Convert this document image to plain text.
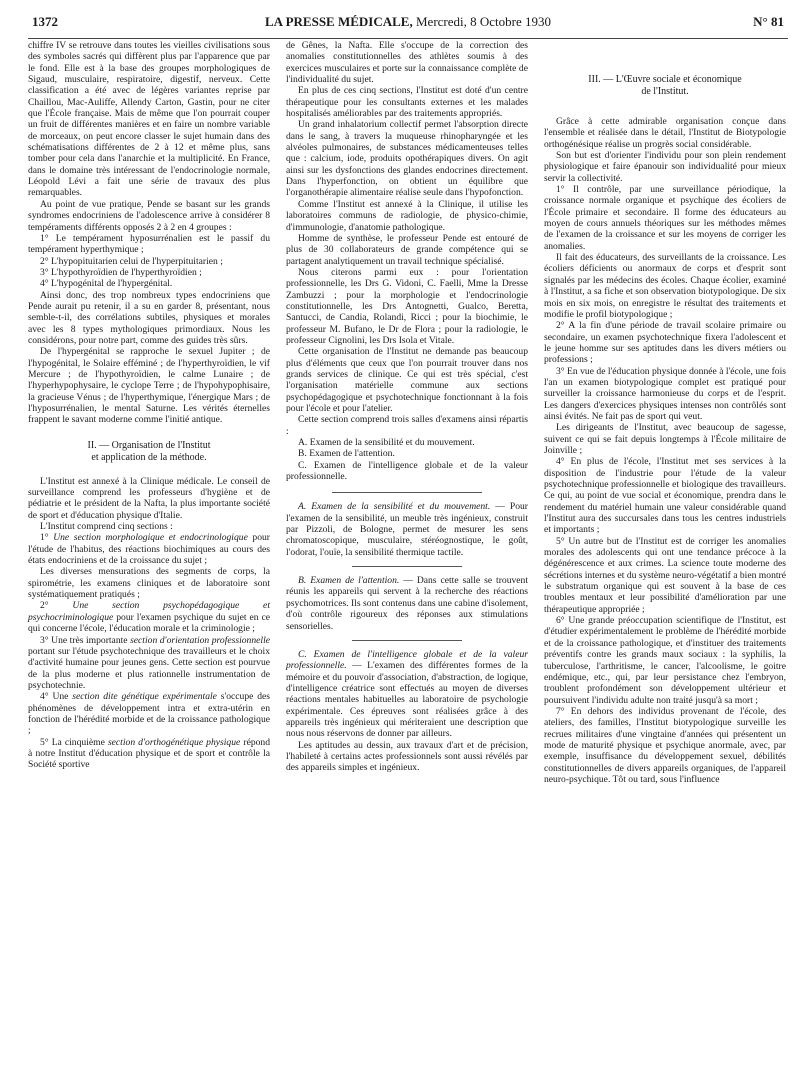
1372	LA PRESSE MÉDICALE, Mercredi, 8 Octobre 1930	N° 81

chiffre IV se retrouve dans toutes les vieilles civilisations sous des symboles sacrés qui diffèrent plus par l'apparence que par le fond. Elle est à la base des groupes morphologiques de Sigaud, musculaire, respiratoire, digestif, nerveux. Cette classification a été avec de légères variantes reprise par Chaillou, Mac-Auliffe, Allendy Carton, Gastin, pour ne citer que l'École française. Mais de même que l'on pourrait couper un fruit de différentes manières et en faire un nombre variable de morceaux, on peut encore classer le sujet humain dans des schématisations différentes de 2 à 12 et même plus, sans tomber pour cela dans l'anarchie et la multiplicité. En France, dans le domaine très intéressant de l'endocrinologie normale, Léopold Lévi a fait une série de travaux des plus remarquables.

Au point de vue pratique, Pende se basant sur les grands syndromes endocriniens de l'adolescence arrive à considérer 8 tempéraments différents opposés 2 à 2 en 4 groupes :

1° Le tempérament hyposurrénalien est le passif du tempérament hyperthymique ;

2° L'hypopituitarien celui de l'hyperpituitarien ;

3° L'hypothyroïdien de l'hyperthyroïdien ;

4° L'hypogénital de l'hypergénital.

Ainsi donc, des trop nombreux types endocriniens que Pende aurait pu retenir, il a su en garder 8, présentant, nous semble-t-il, des corrélations subtiles, physiques et morales avec les 8 types mythologiques primordiaux. Nous les considérons, pour notre part, comme des guides très sûrs.

De l'hypergénital se rapproche le sexuel Jupiter ; de l'hypogénital, le Solaire efféminé ; de l'hyperthyroïdien, le vif Mercure ; de l'hypothyroïdien, le calme Lunaire ; de l'hyperhypophysaire, le cyclope Terre ; de l'hypohypophisaire, la gracieuse Vénus ; de l'hyperthymique, l'énergique Mars ; de l'hyposurrénalien, le mental Saturne. Les vérités éternelles frappent le savant moderne comme l'initié antique.

II. — Organisation de l'Institut
et application de la méthode.

L'Institut est annexé à la Clinique médicale. Le conseil de surveillance comprend les professeurs d'hygiène et de pédiatrie et le président de la Nafta, la plus importante société de sport et d'éducation physique d'Italie.

L'Institut comprend cinq sections :

1° Une section morphologique et endocrinologique pour l'étude de l'habitus, des réactions biochimiques au cours des états endocriniens et de la croissance du sujet ;

Les diverses mensurations des segments de corps, la spirométrie, les examens cliniques et de laboratoire sont systématiquement pratiqués ;

2° Une section psychopédagogique et psychocriminologique pour l'examen psychique du sujet en ce qui concerne l'école, l'éducation morale et la criminologie ;

3° Une très importante section d'orientation professionnelle portant sur l'étude psychotechnique des travailleurs et le choix d'activité humaine pour jeunes gens. Cette section est pourvue de la plus moderne et plus rationnelle instrumentation de psychotechnie.

4° Une section dite génétique expérimentale s'occupe des phénomènes de développement intra et extra-utérin en fonction de l'hérédité morbide et de la croissance pathologique ;

5° La cinquième section d'orthogénétique physique répond à notre Institut d'éducation physique et de sport et contrôle la Société sportive

de Gênes, la Nafta. Elle s'occupe de la correction des anomalies constitutionnelles des athlètes soumis à des exercices musculaires et porte sur la connaissance complète de l'individualité du sujet.

En plus de ces cinq sections, l'Institut est doté d'un centre thérapeutique pour les consultants externes et les malades hospitalisés améliorables par des traitements appropriés.

Un grand inhalatorium collectif permet l'absorption directe dans le sang, à travers la muqueuse rhinopharyngée et les alvéoles pulmonaires, de substances médicamenteuses telles que : calcium, iode, produits opothérapiques divers. On agit ainsi sur les dysfonctions des glandes endocrines directement. Dans l'hyperfonction, on obtient un équilibre que l'organothérapie alimentaire réalise seule dans l'hypofonction.

Comme l'Institut est annexé à la Clinique, il utilise les laboratoires communs de radiologie, de physico-chimie, d'immunologie, d'anatomie pathologique.

Homme de synthèse, le professeur Pende est entouré de plus de 30 collaborateurs de grande compétence qui se partagent analytiquement un travail technique spécialisé.

Nous citerons parmi eux : pour l'orientation professionnelle, les Drs G. Vidoni, C. Faelli, Mme la Dresse Zambuzzi ; pour la morphologie et l'endocrinologie constitutionnelle, les Drs Antognetti, Gualco, Beretta, Santucci, de Candia, Rolandi, Ricci ; pour la biochimie, le professeur M. Bufano, le Dr de Flora ; pour la radiologie, le professeur Cignolini, les Drs Isola et Vitale.

Cette organisation de l'Institut ne demande pas beaucoup plus d'éléments que ceux que l'on pourrait trouver dans nos grands services de clinique. Ce qui est très spécial, c'est l'organisation matérielle commune aux sections psychopédagogique et psychotechnique fonctionnant à la fois pour l'école et pour l'atelier.

Cette section comprend trois salles d'examens ainsi répartis :

A. Examen de la sensibilité et du mouvement.

B. Examen de l'attention.

C. Examen de l'intelligence globale et de la valeur professionnelle.

A. Examen de la sensibilité et du mouvement. — Pour l'examen de la sensibilité, un meuble très ingénieux, construit par Pizzoli, de Bologne, permet de mesurer les sens chromatoscopique, musculaire, stéréognostique, le goût, l'odorat, l'ouïe, la sensibilité thermique tactile.

B. Examen de l'attention. — Dans cette salle se trouvent réunis les appareils qui servent à la recherche des réactions psychomotrices. Ils sont contenus dans une cabine d'isolement, d'où contrôle rigoureux des réponses aux stimulations sensorielles.

C. Examen de l'intelligence globale et de la valeur professionnelle. — L'examen des différentes formes de la mémoire et du pouvoir d'association, d'abstraction, de logique, d'intelligence créatrice sont effectués au moyen de diverses réactions mentales habituelles au laboratoire de psychologie expérimentale. Ces épreuves sont réalisées grâce à des appareils très ingénieux qui mériteraient une description que nous nous réservons de donner par ailleurs.

Les aptitudes au dessin, aux travaux d'art et de précision, l'habileté à certains actes professionnels sont aussi révélés par des appareils simples et ingénieux.

III. — L'Œuvre sociale et économique
de l'Institut.

Grâce à cette admirable organisation conçue dans l'ensemble et réalisée dans le détail, l'Institut de Biotypologie orthogénésique réalise un progrès social considérable.

Son but est d'orienter l'individu pour son plein rendement physiologique et faire épanouir son individualité pour mieux servir la collectivité.

1° Il contrôle, par une surveillance périodique, la croissance normale organique et psychique des écoliers de l'École primaire et secondaire. Il forme des éducateurs au moyen de cours annuels théoriques sur les méthodes mêmes de l'examen de la croissance et sur les moyens de corriger les anomalies.

Il fait des éducateurs, des surveillants de la croissance. Les écoliers déficients ou anormaux de corps et d'esprit sont signalés par les médecins des écoles. Chaque écolier, examiné à l'Institut, a sa fiche et son observation biotypologique. De six mois en six mois, on enregistre le résultat des traitements et modifie le profil biotypologique ;

2° A la fin d'une période de travail scolaire primaire ou secondaire, un examen psychotechnique fixera l'adolescent et le jeune homme sur ses aptitudes dans les divers métiers ou professions ;

3° En vue de l'éducation physique donnée à l'école, une fois l'an un examen biotypologique complet est pratiqué pour surveiller la croissance harmonieuse du corps et de l'esprit. Les dangers d'exercices physiques intenses non contrôlés sont ainsi évités. Ne fait pas de sport qui veut.

Les dirigeants de l'Institut, avec beaucoup de sagesse, suivent ce qui se fait depuis longtemps à l'École militaire de Joinville ;

4° En plus de l'école, l'Institut met ses services à la disposition de l'industrie pour l'étude de la valeur psychotechnique professionnelle et biologique des travailleurs. Ce qui, au point de vue social et économique, prendra dans le rendement du matériel humain une valeur considérable quand l'Institut aura des succursales dans tous les centres industriels et importants ;

5° Un autre but de l'Institut est de corriger les anomalies morales des adolescents qui ont une tendance précoce à la dégénérescence et aux crimes. La science toute moderne des sécrétions internes et du système neuro-végétatif a bien montré le substratum organique qui est souvent à la base de ces troubles mentaux et leur possibilité d'amélioration par une thérapeutique appropriée ;

6° Une grande préoccupation scientifique de l'Institut, est d'étudier expérimentalement le problème de l'hérédité morbide et de la croissance pathologique, et d'instituer des traitements préventifs contre les grands maux sociaux : la syphilis, la tuberculose, l'arthritisme, le cancer, l'alcoolisme, le goitre endémique, etc., qui, par leur persistance chez l'embryon, troublent profondément son développement ultérieur et poursuivent l'individu adulte non traité jusqu'à sa mort ;

7° En dehors des individus provenant de l'école, des ateliers, des familles, l'Institut biotypologique surveille les recrues militaires d'une vingtaine d'années qui présentent un mode de maturité physique et psychique anormale, avec, par exemple, insuffisance du développement sexuel, débilités constitutionnelles de divers appareils organiques, de l'appareil neuro-psychique. Tôt ou tard, sous l'influence
